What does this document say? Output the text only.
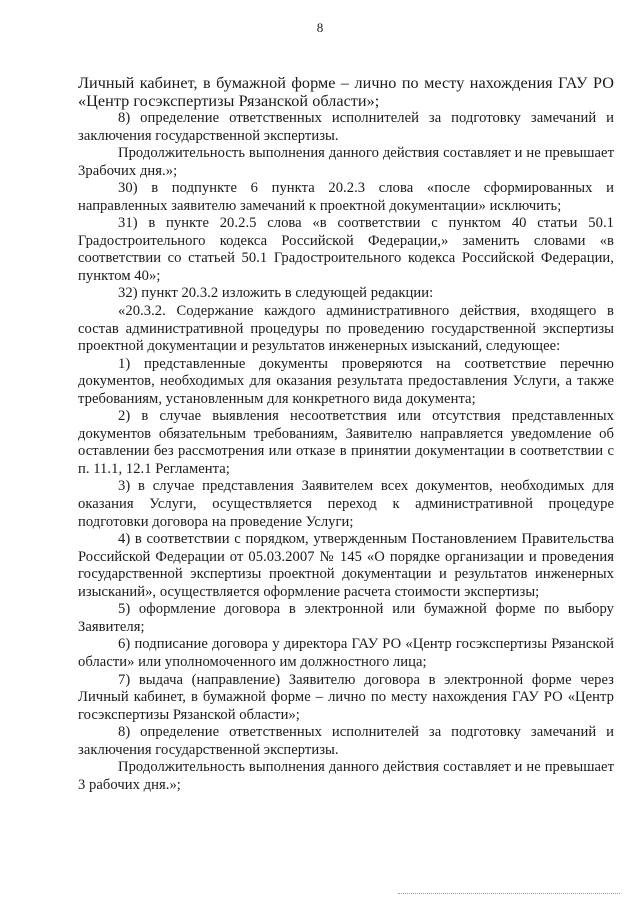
8

Личный кабинет, в бумажной форме – лично по месту нахождения ГАУ РО «Центр госэкспертизы Рязанской области»;

8) определение ответственных исполнителей за подготовку замечаний и заключения государственной экспертизы.

Продолжительность выполнения данного действия составляет и не превышает 3рабочих дня.»;

30) в подпункте 6 пункта 20.2.3 слова «после сформированных и направленных заявителю замечаний к проектной документации» исключить;

31) в пункте 20.2.5 слова «в соответствии с пунктом 40 статьи 50.1 Градостроительного кодекса Российской Федерации,» заменить словами «в соответствии со статьей 50.1 Градостроительного кодекса Российской Федерации, пунктом 40»;

32) пункт 20.3.2 изложить в следующей редакции:

«20.3.2. Содержание каждого административного действия, входящего в состав административной процедуры по проведению государственной экспертизы проектной документации и результатов инженерных изысканий, следующее:

1) представленные документы проверяются на соответствие перечню документов, необходимых для оказания результата предоставления Услуги, а также требованиям, установленным для конкретного вида документа;

2) в случае выявления несоответствия или отсутствия представленных документов обязательным требованиям, Заявителю направляется уведомление об оставлении без рассмотрения или отказе в принятии документации в соответствии с п. 11.1, 12.1 Регламента;

3) в случае представления Заявителем всех документов, необходимых для оказания Услуги, осуществляется переход к административной процедуре подготовки договора на проведение Услуги;

4) в соответствии с порядком, утвержденным Постановлением Правительства Российской Федерации от 05.03.2007 № 145 «О порядке организации и проведения государственной экспертизы проектной документации и результатов инженерных изысканий», осуществляется оформление расчета стоимости экспертизы;

5) оформление договора в электронной или бумажной форме по выбору Заявителя;

6) подписание договора у директора ГАУ РО «Центр госэкспертизы Рязанской области» или уполномоченного им должностного лица;

7) выдача (направление) Заявителю договора в электронной форме через Личный кабинет, в бумажной форме – лично по месту нахождения ГАУ РО «Центр госэкспертизы Рязанской области»;

8) определение ответственных исполнителей за подготовку замечаний и заключения государственной экспертизы.

Продолжительность выполнения данного действия составляет и не превышает 3 рабочих дня.»;
